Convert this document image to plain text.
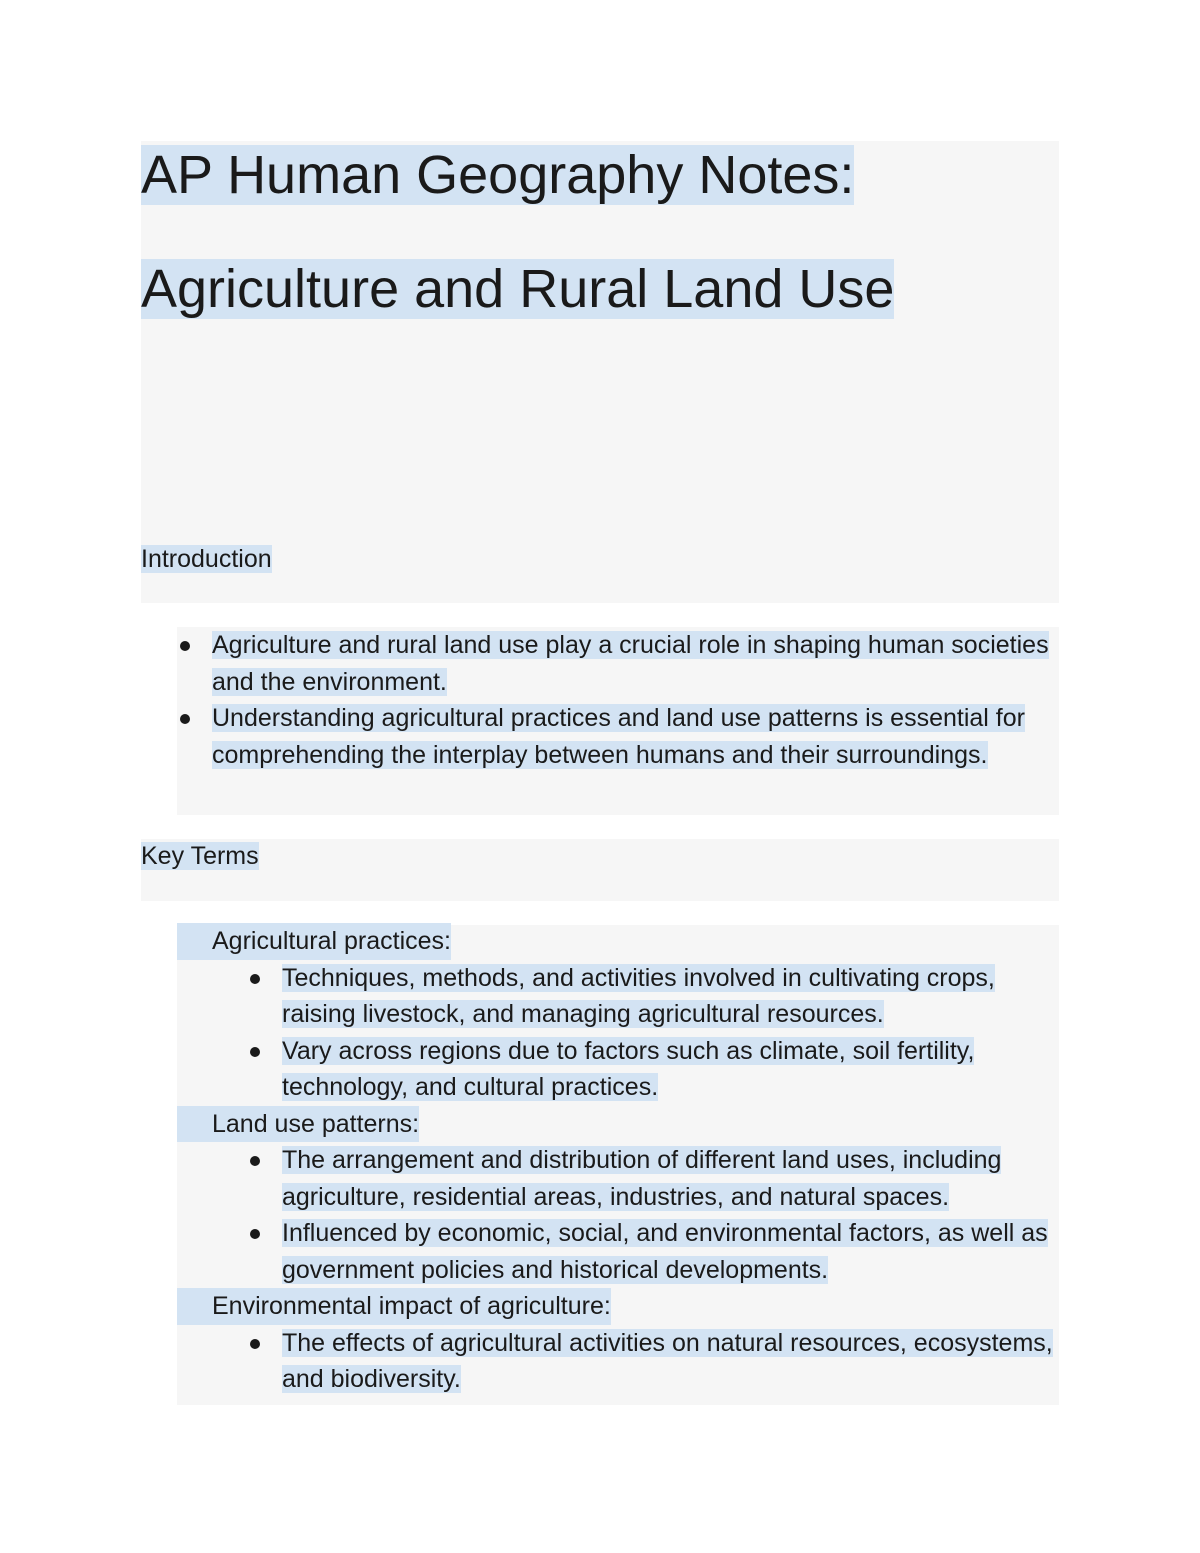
AP Human Geography Notes:
Agriculture and Rural Land Use
Introduction
Agriculture and rural land use play a crucial role in shaping human societies and the environment.
Understanding agricultural practices and land use patterns is essential for comprehending the interplay between humans and their surroundings.
Key Terms

Agricultural practices:

Techniques, methods, and activities involved in cultivating crops, raising livestock, and managing agricultural resources.
Vary across regions due to factors such as climate, soil fertility, technology, and cultural practices.

Land use patterns:

The arrangement and distribution of different land uses, including agriculture, residential areas, industries, and natural spaces.
Influenced by economic, social, and environmental factors, as well as government policies and historical developments.

Environmental impact of agriculture:

The effects of agricultural activities on natural resources, ecosystems, and biodiversity.
